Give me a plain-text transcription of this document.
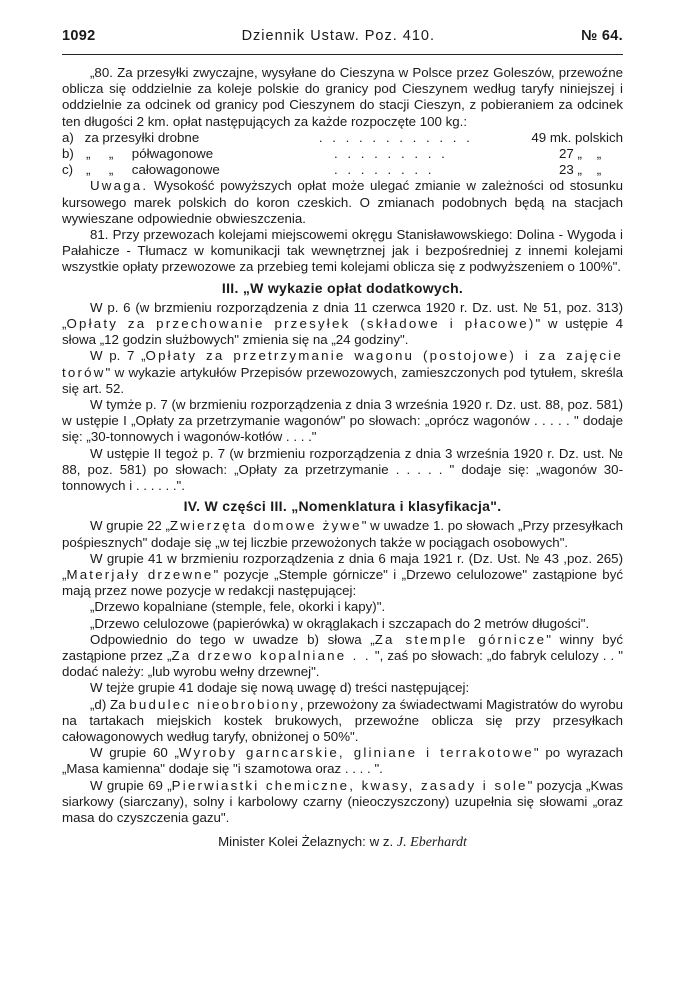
1092	Dziennik Ustaw. Poz. 410.	№ 64.

„80. Za przesyłki zwyczajne, wysyłane do Cieszyna w Polsce przez Goleszów, przewoźne oblicza się oddzielnie za koleje polskie do granicy pod Cieszynem według taryfy niniejszej i oddzielnie za odcinek od granicy pod Cieszynem do stacji Cieszyn, z pobieraniem za odcinek ten długości 2 km. opłat następujących za każde rozpoczęte 100 kg.:

a) za przesyłki drobne	. . . . . . . . . . . .	49 mk. polskich
b) „     „     półwagonowe	. . . . . . . . .	27 „    „
c) „     „     całowagonowe	. . . . . . . .	23 „    „

Uwaga. Wysokość powyższych opłat może ulegać zmianie w zależności od stosunku kursowego marek polskich do koron czeskich. O zmianach podobnych będą na stacjach wywieszane odpowiednie obwieszczenia.

81. Przy przewozach kolejami miejscowemi okręgu Stanisławowskiego: Dolina - Wygoda i Pałahicze - Tłumacz w komunikacji tak wewnętrznej jak i bezpośredniej z innemi kolejami wszystkie opłaty przewozowe za przebieg temi kolejami oblicza się z podwyższeniem o 100%".

III. „W wykazie opłat dodatkowych.

W p. 6 (w brzmieniu rozporządzenia z dnia 11 czerwca 1920 r. Dz. ust. № 51, poz. 313) „Opłaty za przechowanie przesyłek (składowe i płacowe)" w ustępie 4 słowa „12 godzin służbowych" zmienia się na „24 godziny".

W p. 7 „Opłaty za przetrzymanie wagonu (postojowe) i za zajęcie torów" w wykazie artykułów Przepisów przewozowych, zamieszczonych pod tytułem, skreśla się art. 52.

W tymże p. 7 (w brzmieniu rozporządzenia z dnia 3 września 1920 r. Dz. ust. 88, poz. 581) w ustępie I „Opłaty za przetrzymanie wagonów" po słowach: „oprócz wagonów . . . . . " dodaje się: „30-tonnowych i wagonów-kotłów . . . ."

W ustępie II tegoż p. 7 (w brzmieniu rozporządzenia z dnia 3 września 1920 r. Dz. ust. № 88, poz. 581) po słowach: „Opłaty za przetrzymanie . . . . . " dodaje się: „wagonów 30-tonnowych i . . . . . .".

IV. W części III. „Nomenklatura i klasyfikacja".

W grupie 22 „Zwierzęta domowe żywe" w uwadze 1. po słowach „Przy przesyłkach pośpiesznych" dodaje się „w tej liczbie przewożonych także w pociągach osobowych".

W grupie 41 w brzmieniu rozporządzenia z dnia 6 maja 1921 r. (Dz. Ust. № 43 ,poz. 265) „Materjały drzewne" pozycje „Stemple górnicze" i „Drzewo celulozowe" zastąpione być mają przez nowe pozycje w redakcji następującej:

„Drzewo kopalniane (stemple, fele, okorki i kapy)".

„Drzewo celulozowe (papierówka) w okrąglakach i szczapach do 2 metrów długości".

Odpowiednio do tego w uwadze b) słowa „Za stemple górnicze" winny być zastąpione przez „Za drzewo kopalniane . . ", zaś po słowach: „do fabryk celulozy . . " dodać należy: „lub wyrobu wełny drzewnej".

W tejże grupie 41 dodaje się nową uwagę d) treści następującej:

„d) Za budulec nieobrobiony, przewożony za świadectwami Magistratów do wyrobu na tartakach miejskich kostek brukowych, przewoźne oblicza się przy przesyłkach całowagonowych według taryfy, obniżonej o 50%".

W grupie 60 „Wyroby garncarskie, gliniane i terrakotowe" po wyrazach „Masa kamienna" dodaje się "i szamotowa oraz . . . . ".

W grupie 69 „Pierwiastki chemiczne, kwasy, zasady i sole" pozycja „Kwas siarkowy (siarczany), solny i karbolowy czarny (nieoczyszczony) uzupełnia się słowami „oraz masa do czyszczenia gazu".

Minister Kolei Żelaznych: w z. J. Eberhardt
